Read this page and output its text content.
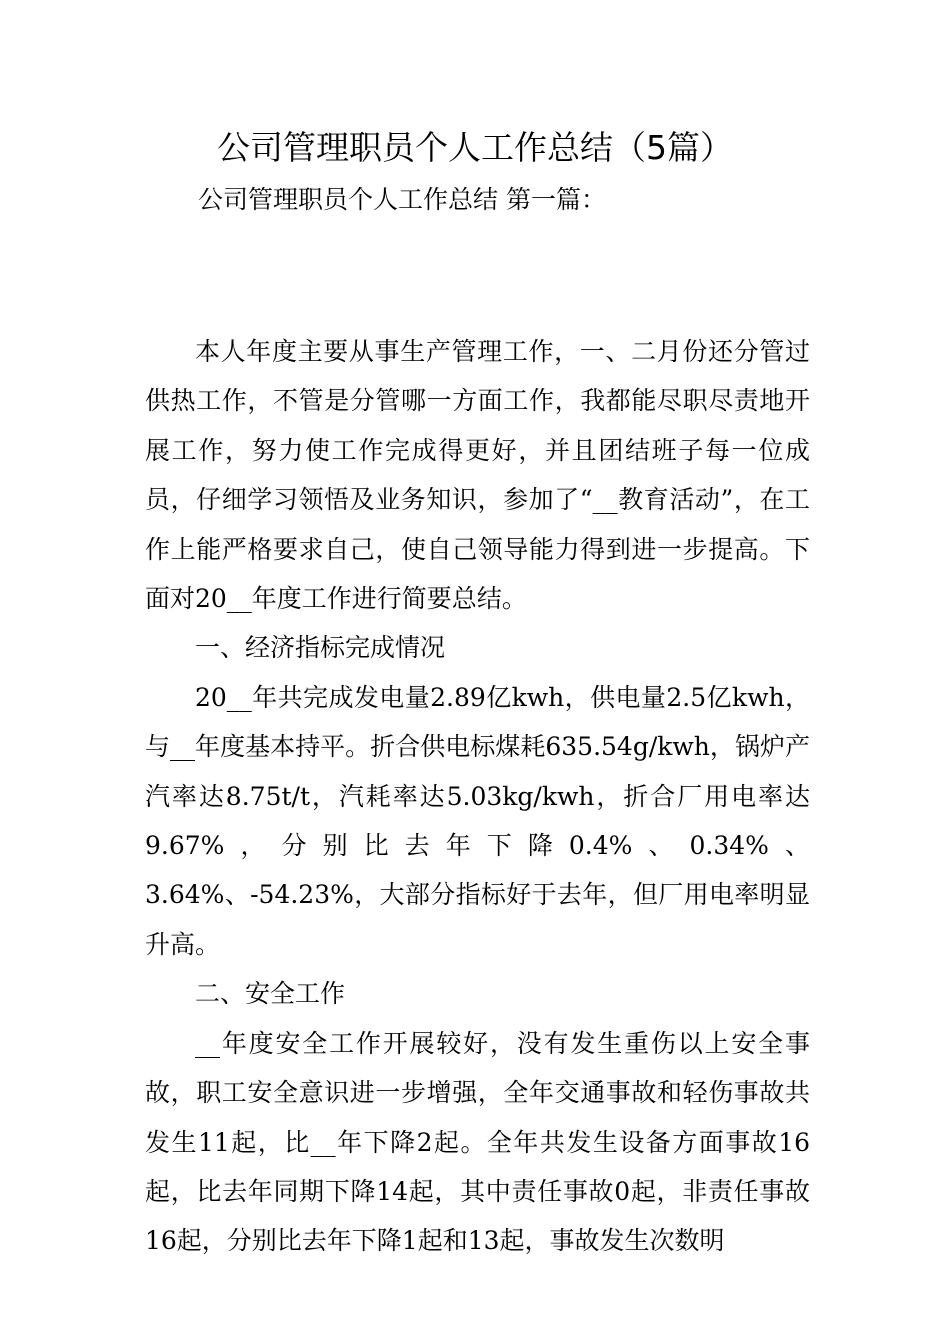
公司管理职员个人工作总结（5篇）

公司管理职员个人工作总结 第一篇：

本人年度主要从事生产管理工作，一、二月份还分管过供热工作，不管是分管哪一方面工作，我都能尽职尽责地开展工作，努力使工作完成得更好，并且团结班子每一位成员，仔细学习领悟及业务知识，参加了“__教育活动”，在工作上能严格要求自己，使自己领导能力得到进一步提高。下面对20__年度工作进行简要总结。

一、经济指标完成情况

20__年共完成发电量2.89亿kwh，供电量2.5亿kwh，与__年度基本持平。折合供电标煤耗635.54g/kwh，锅炉产汽率达8.75t/t，汽耗率达5.03kg/kwh，折合厂用电率达9.67%，分别比去年下降0.4%、0.34%、3.64%、-54.23%，大部分指标好于去年，但厂用电率明显升高。

二、安全工作

__年度安全工作开展较好，没有发生重伤以上安全事故，职工安全意识进一步增强，全年交通事故和轻伤事故共发生11起，比__年下降2起。全年共发生设备方面事故16起，比去年同期下降14起，其中责任事故0起，非责任事故16起，分别比去年下降1起和13起，事故发生次数明
